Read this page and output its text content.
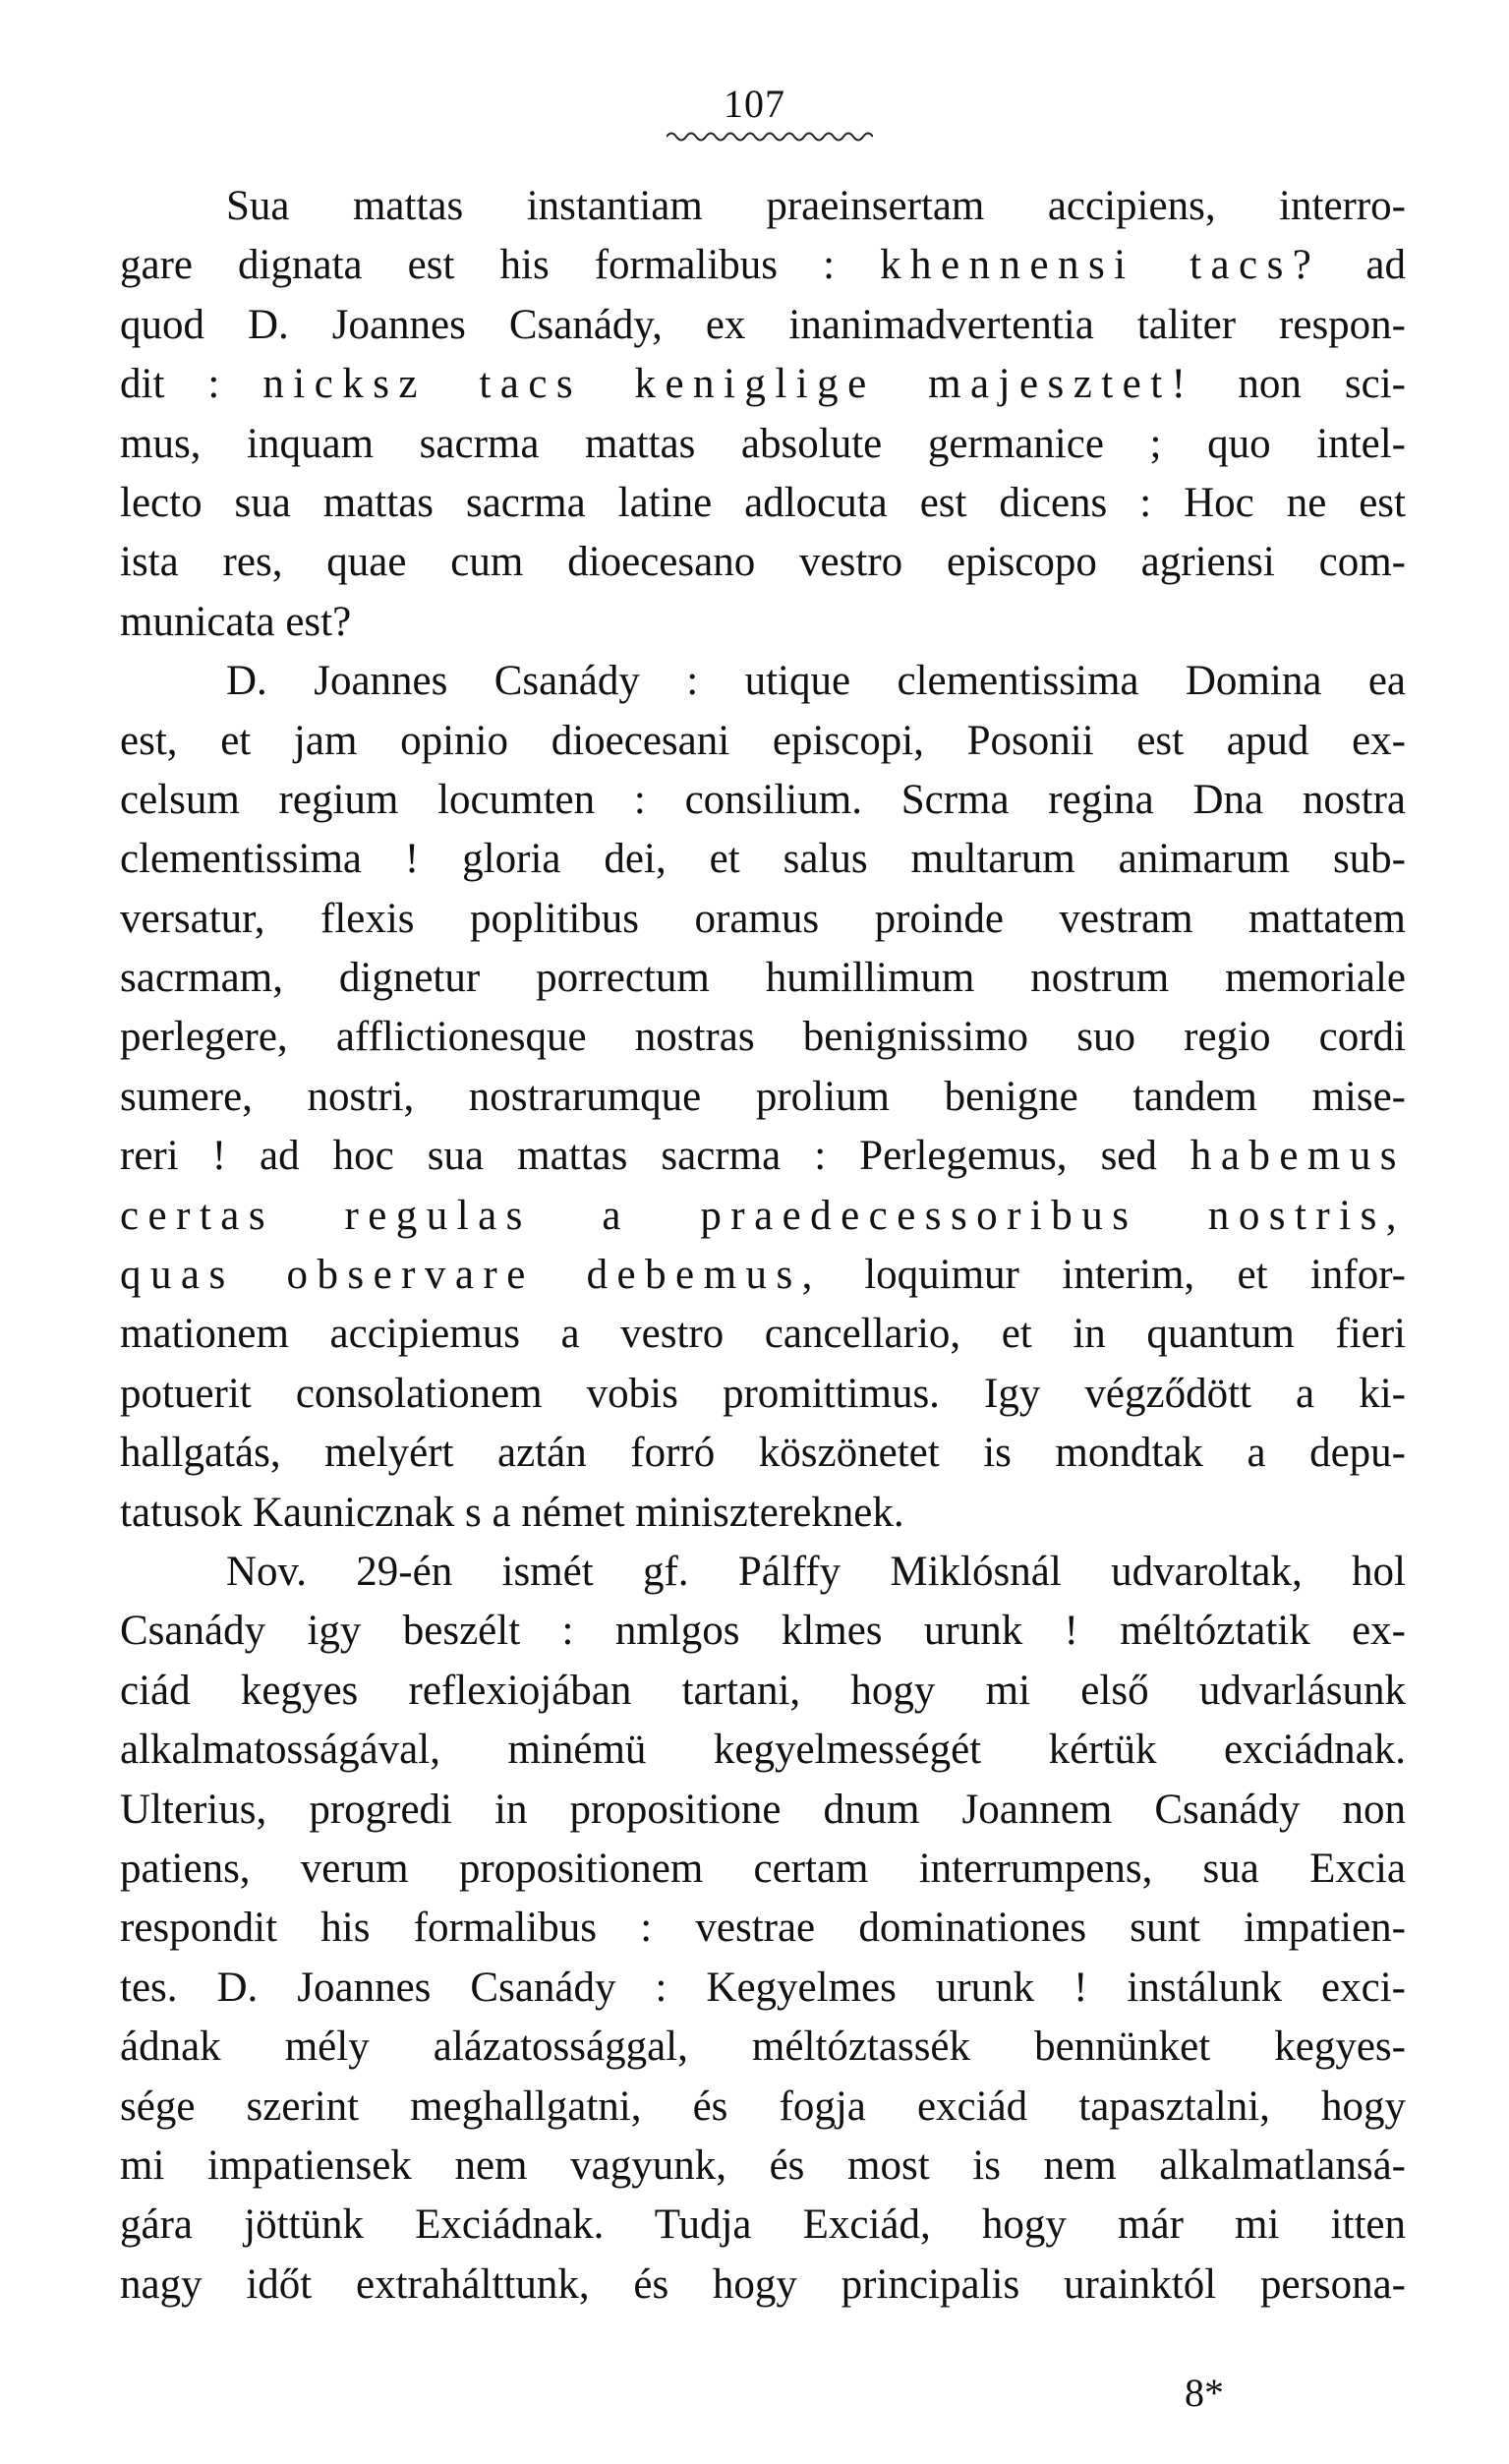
107
Sua mattas instantiam praeinsertam accipiens, interro-
gare dignata est his formalibus : khennensi tacs? ad
quod D. Joannes Csanády, ex inanimadvertentia taliter respon-
dit : nicksz tacs keniglige majesztet! non sci-
mus, inquam sacrma mattas absolute germanice ; quo intel-
lecto sua mattas sacrma latine adlocuta est dicens : Hoc ne est
ista res, quae cum dioecesano vestro episcopo agriensi com-
municata est?
D. Joannes Csanády : utique clementissima Domina ea
est, et jam opinio dioecesani episcopi, Posonii est apud ex-
celsum regium locumten : consilium. Scrma regina Dna nostra
clementissima ! gloria dei, et salus multarum animarum sub-
versatur, flexis poplitibus oramus proinde vestram mattatem
sacrmam, dignetur porrectum humillimum nostrum memoriale
perlegere, afflictionesque nostras benignissimo suo regio cordi
sumere, nostri, nostrarumque prolium benigne tandem mise-
reri ! ad hoc sua mattas sacrma : Perlegemus, sed habemus
certas regulas a praedecessoribus nostris,
quas observare debemus, loquimur interim, et infor-
mationem accipiemus a vestro cancellario, et in quantum fieri
potuerit consolationem vobis promittimus. Igy végződött a ki-
hallgatás, melyért aztán forró köszönetet is mondtak a depu-
tatusok Kaunicznak s a német minisztereknek.
Nov. 29-én ismét gf. Pálffy Miklósnál udvaroltak, hol
Csanády igy beszélt : nmlgos klmes urunk ! méltóztatik ex-
ciád kegyes reflexiojában tartani, hogy mi első udvarlásunk
alkalmatosságával, minémü kegyelmességét kértük exciádnak.
Ulterius, progredi in propositione dnum Joannem Csanády non
patiens, verum propositionem certam interrumpens, sua Excia
respondit his formalibus : vestrae dominationes sunt impatien-
tes. D. Joannes Csanády : Kegyelmes urunk ! instálunk exci-
ádnak mély alázatossággal, méltóztassék bennünket kegyes-
sége szerint meghallgatni, és fogja exciád tapasztalni, hogy
mi impatiensek nem vagyunk, és most is nem alkalmatlansá-
gára jöttünk Exciádnak. Tudja Exciád, hogy már mi itten
nagy időt extrahálttunk, és hogy principalis urainktól persona-
8*
